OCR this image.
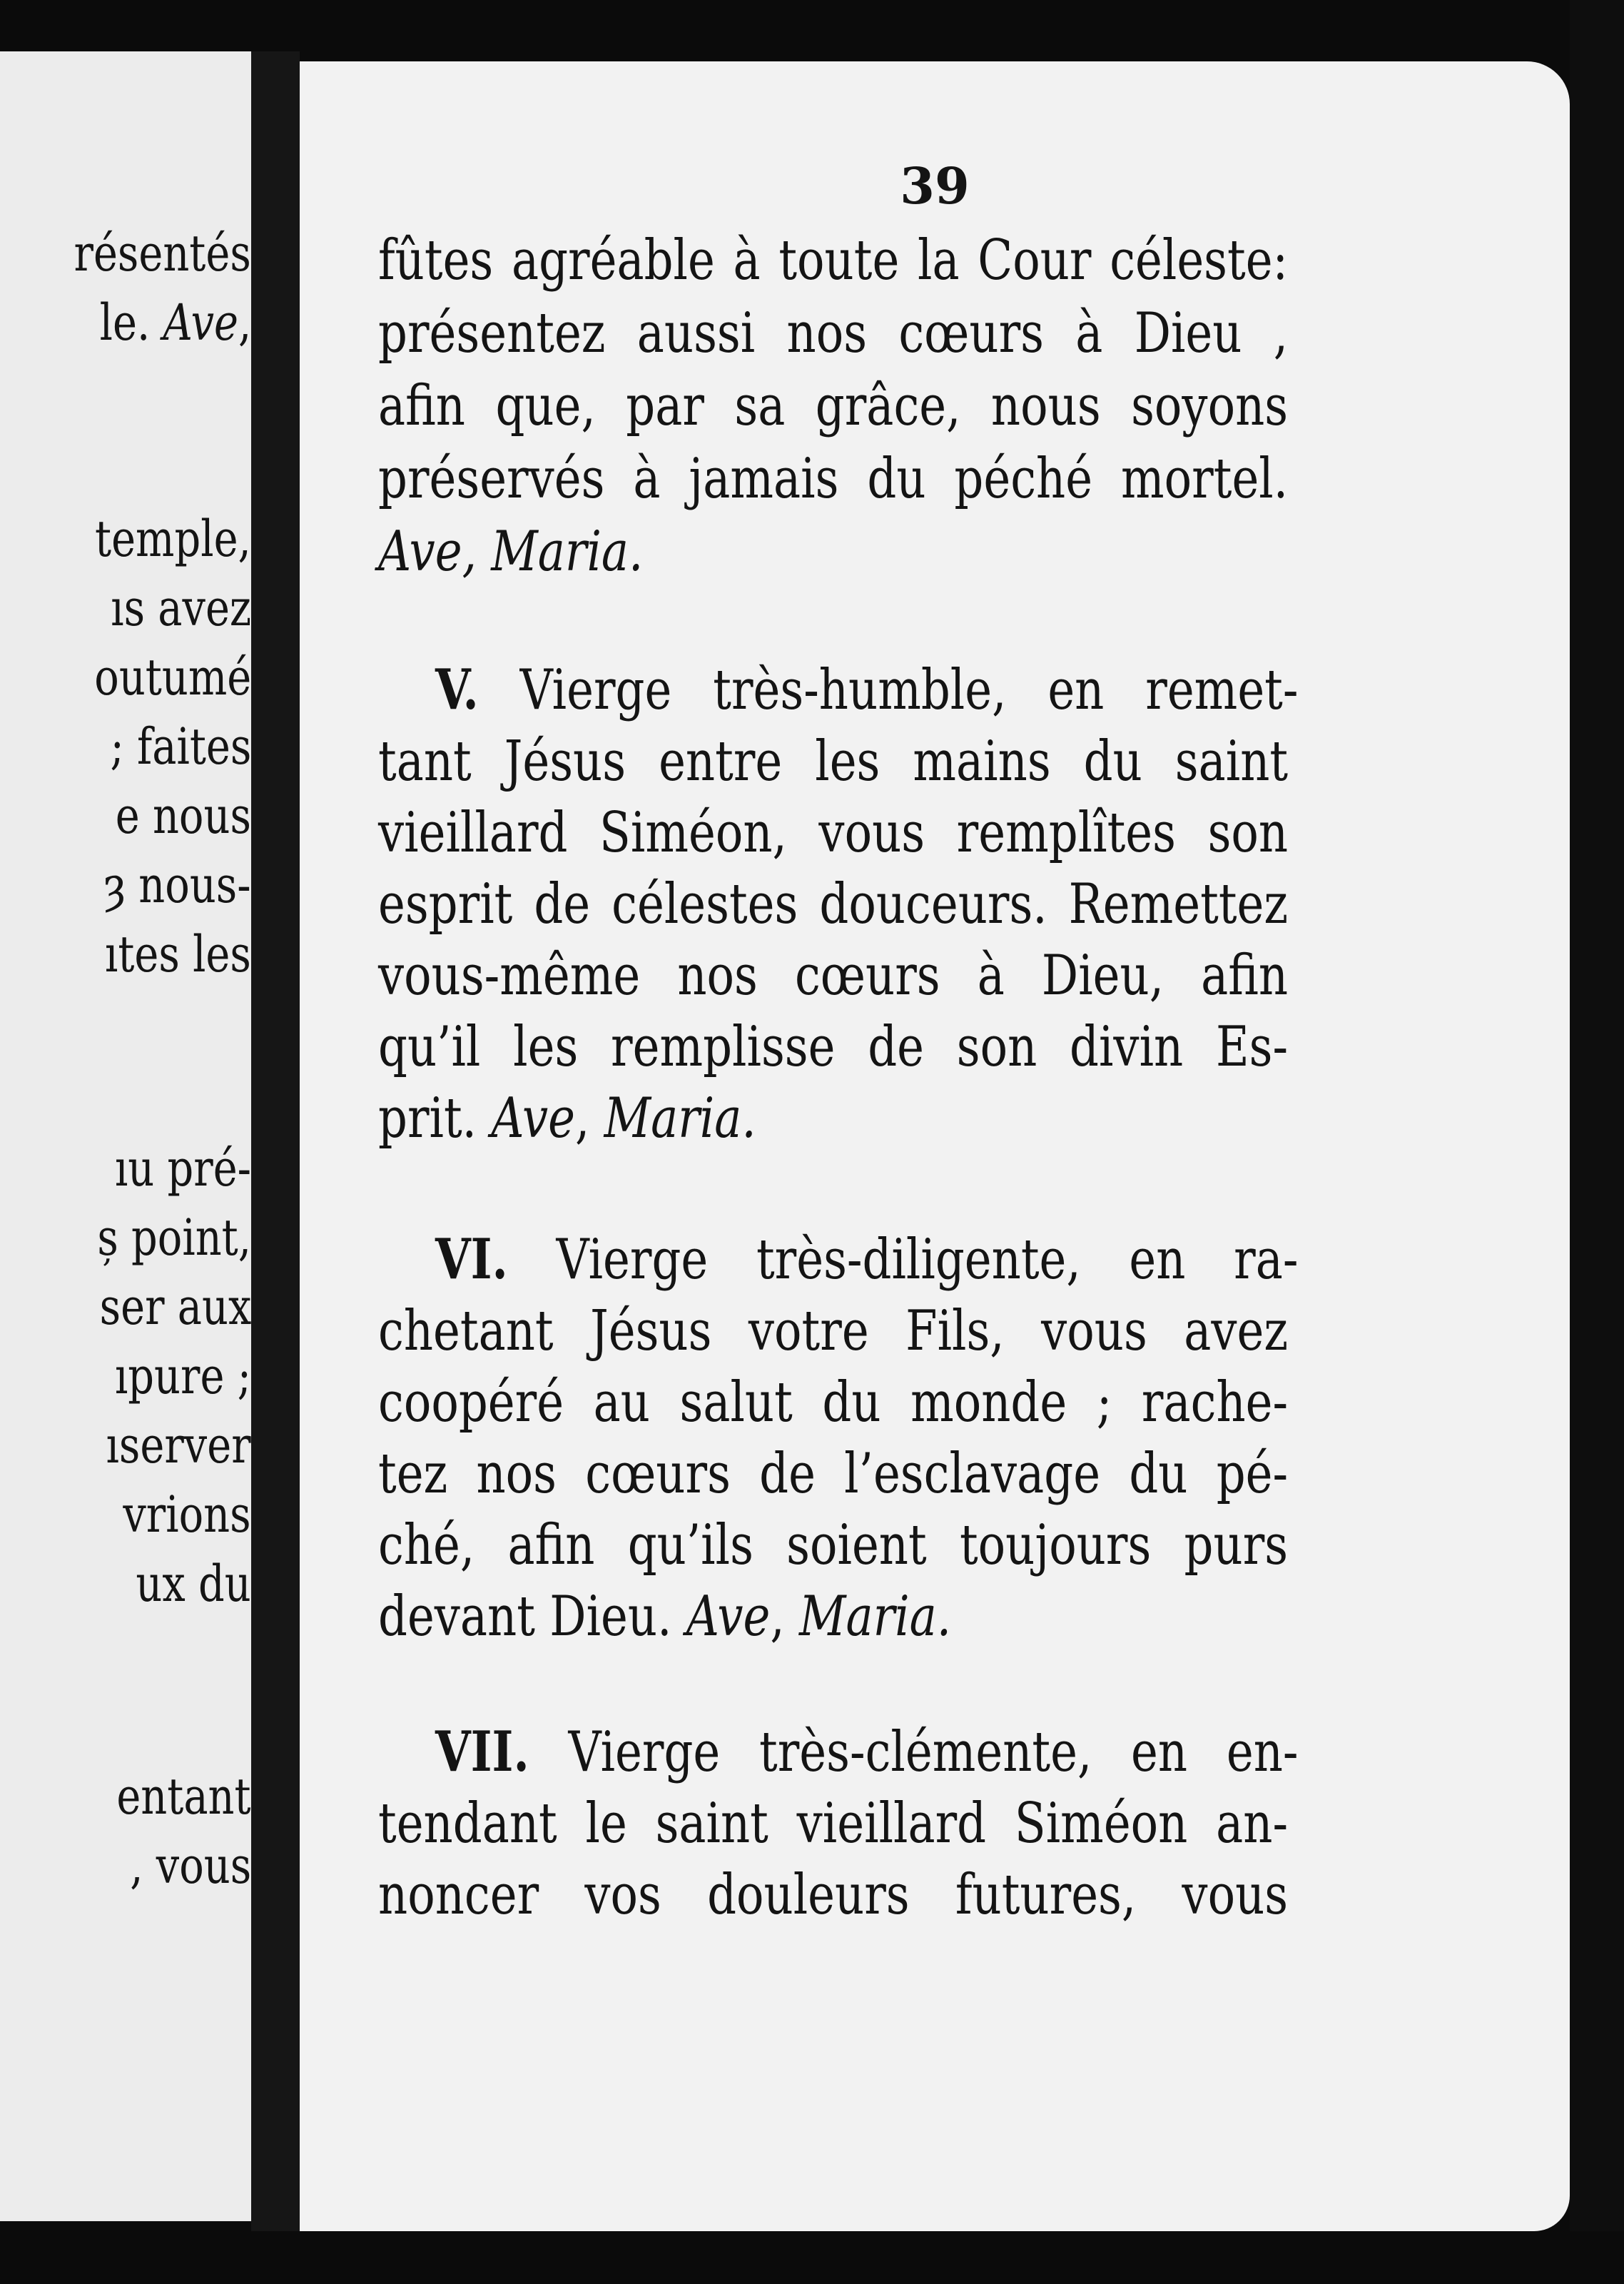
résentés
le. Ave,
temple,
ıs avez
outumé
; faites
e nous
ȝ nous-
ıtes les
ıu pré-
ș point,
ser aux
ıpure ;
ıserver
vrions
ux du
entant
, vous
39

fûtes agréable à toute la Cour céleste:

présentez aussi nos cœurs à Dieu ,

afin que, par sa grâce, nous soyons

préservés à jamais du péché mortel.

Ave, Maria.

V. Vierge très-humble, en remet-

tant Jésus entre les mains du saint

vieillard Siméon, vous remplîtes son

esprit de célestes douceurs. Remettez

vous-même nos cœurs à Dieu, afin

qu’il les remplisse de son divin Es-

prit. Ave, Maria.

VI. Vierge très-diligente, en ra-

chetant Jésus votre Fils, vous avez

coopéré au salut du monde ; rache-

tez nos cœurs de l’esclavage du pé-

ché, afin qu’ils soient toujours purs

devant Dieu. Ave, Maria.

VII. Vierge très-clémente, en en-

tendant le saint vieillard Siméon an-

noncer vos douleurs futures, vous
